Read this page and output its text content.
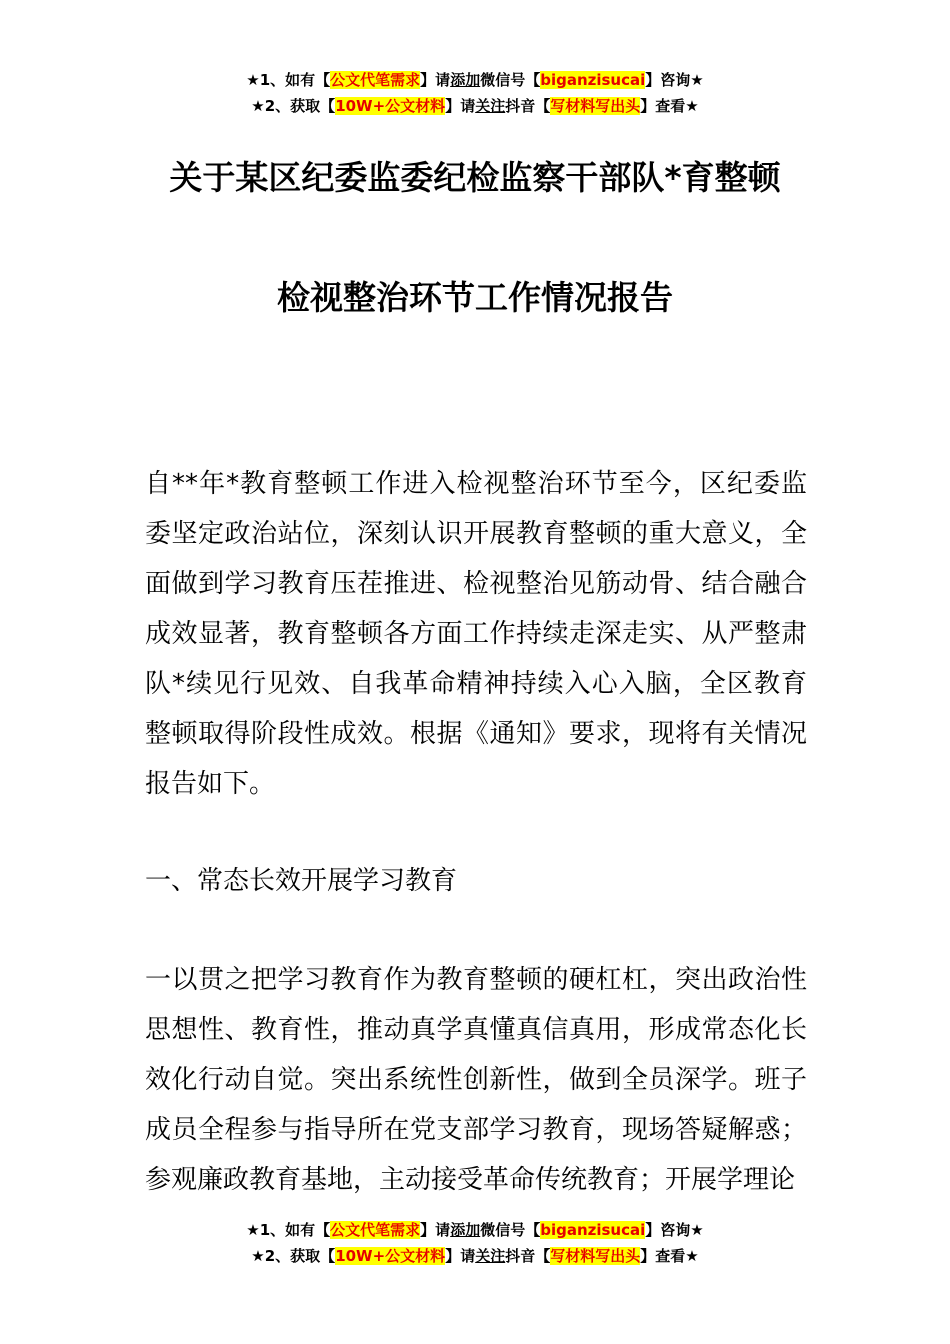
★1、如有【公文代笔需求】请添加微信号【biganzisucai】咨询★
★2、获取【10W+公文材料】请关注抖音【写材料写出头】查看★
关于某区纪委监委纪检监察干部队*育整顿
检视整治环节工作情况报告

自**年*教育整顿工作进入检视整治环节至今，区纪委监委坚定政治站位，深刻认识开展教育整顿的重大意义，全面做到学习教育压茬推进、检视整治见筋动骨、结合融合成效显著，教育整顿各方面工作持续走深走实、从严整肃队*续见行见效、自我革命精神持续入心入脑，全区教育整顿取得阶段性成效。根据《通知》要求，现将有关情况报告如下。

一、常态长效开展学习教育

一以贯之把学习教育作为教育整顿的硬杠杠，突出政治性思想性、教育性，推动真学真懂真信真用，形成常态化长效化行动自觉。突出系统性创新性，做到全员深学。班子成员全程参与指导所在党支部学习教育，现场答疑解惑；参观廉政教育基地，主动接受革命传统教育；开展学理论

★1、如有【公文代笔需求】请添加微信号【biganzisucai】咨询★
★2、获取【10W+公文材料】请关注抖音【写材料写出头】查看★
